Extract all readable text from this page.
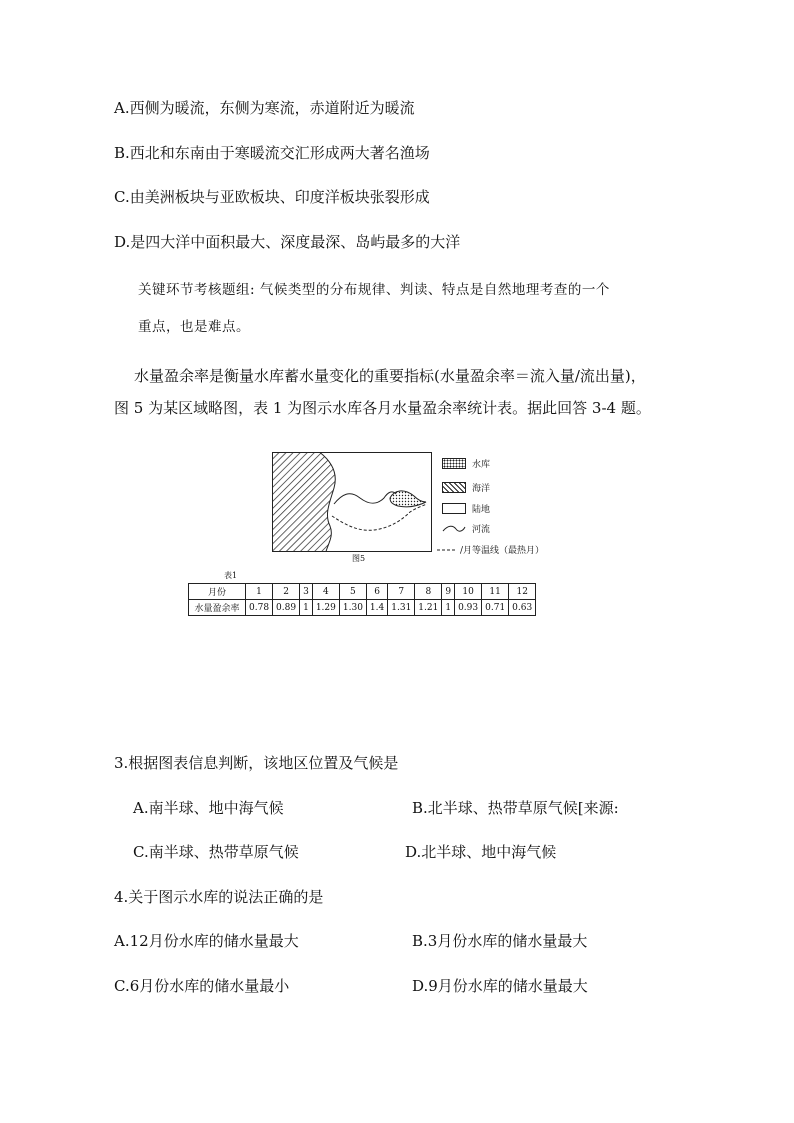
A.西侧为暖流，东侧为寒流，赤道附近为暖流
B.西北和东南由于寒暖流交汇形成两大著名渔场
C.由美洲板块与亚欧板块、印度洋板块张裂形成
D.是四大洋中面积最大、深度最深、岛屿最多的大洋
关键环节考核题组: 气候类型的分布规律、判读、特点是自然地理考查的一个
重点，也是难点。
水量盈余率是衡量水库蓄水量变化的重要指标(水量盈余率＝流入量/流出量)，
图 5 为某区域略图，表 1 为图示水库各月水量盈余率统计表。据此回答 3-4 题。
水库
海洋
陆地
河流
/月等温线（最热月）
图5
表1
月份	1	2	3	4	5	6	7	8	9	10	11	12
水量盈余率	0.78	0.89	1	1.29	1.30	1.4	1.31	1.21	1	0.93	0.71	0.63
3.根据图表信息判断，该地区位置及气候是
A.南半球、地中海气候	B.北半球、热带草原气候[来源:
C.南半球、热带草原气候	D.北半球、地中海气候
4.关于图示水库的说法正确的是
A.12月份水库的储水量最大	B.3月份水库的储水量最大
C.6月份水库的储水量最小	D.9月份水库的储水量最大
